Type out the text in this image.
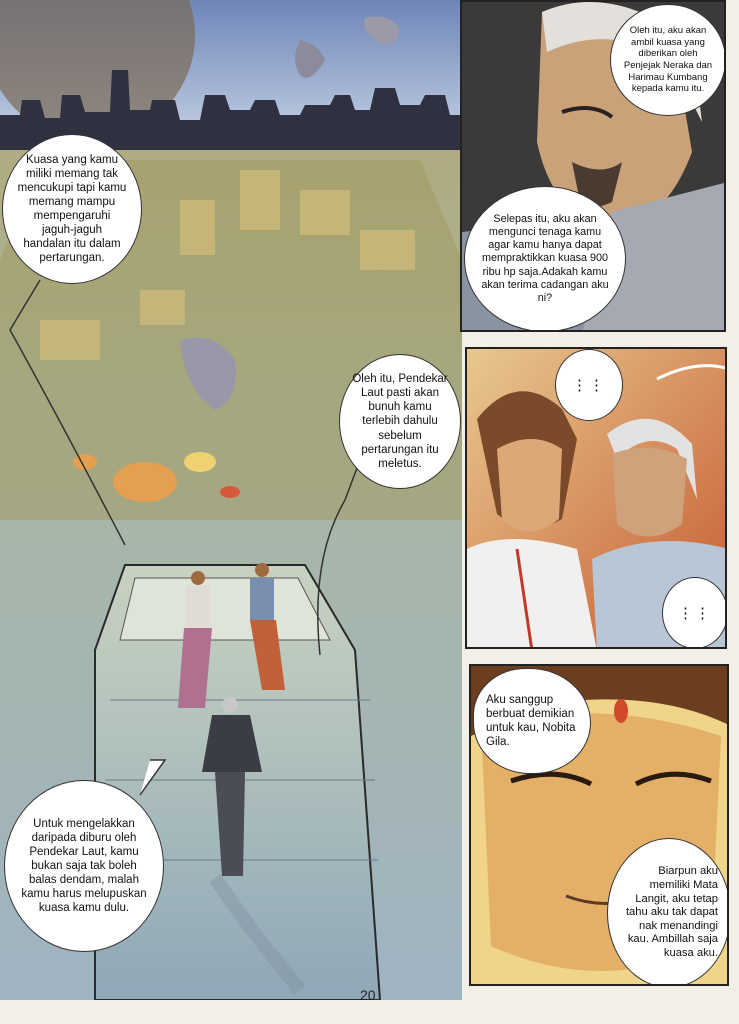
Kuasa yang kamu miliki memang tak mencukupi tapi kamu memang mampu mempengaruhi jaguh-jaguh handalan itu dalam pertarungan.
Oleh itu, Pendekar Laut pasti akan bunuh kamu terlebih dahulu sebelum pertarungan itu meletus.
Untuk mengelakkan daripada diburu oleh Pendekar Laut, kamu bukan saja tak boleh balas dendam, malah kamu harus melupuskan kuasa kamu dulu.
Oleh itu, aku akan ambil kuasa yang diberikan oleh Penjejak Neraka dan Harimau Kumbang kepada kamu itu.
Selepas itu, aku akan mengunci tenaga kamu agar kamu hanya dapat mempraktikkan kuasa 900 ribu hp saja.Adakah kamu akan terima cadangan aku ni?
⋮⋮
⋮⋮
Aku sanggup berbuat demikian untuk kau, Nobita Gila.
Biarpun aku memiliki Mata Langit, aku tetap tahu aku tak dapat nak menandingi kau. Ambillah saja kuasa aku.
20
